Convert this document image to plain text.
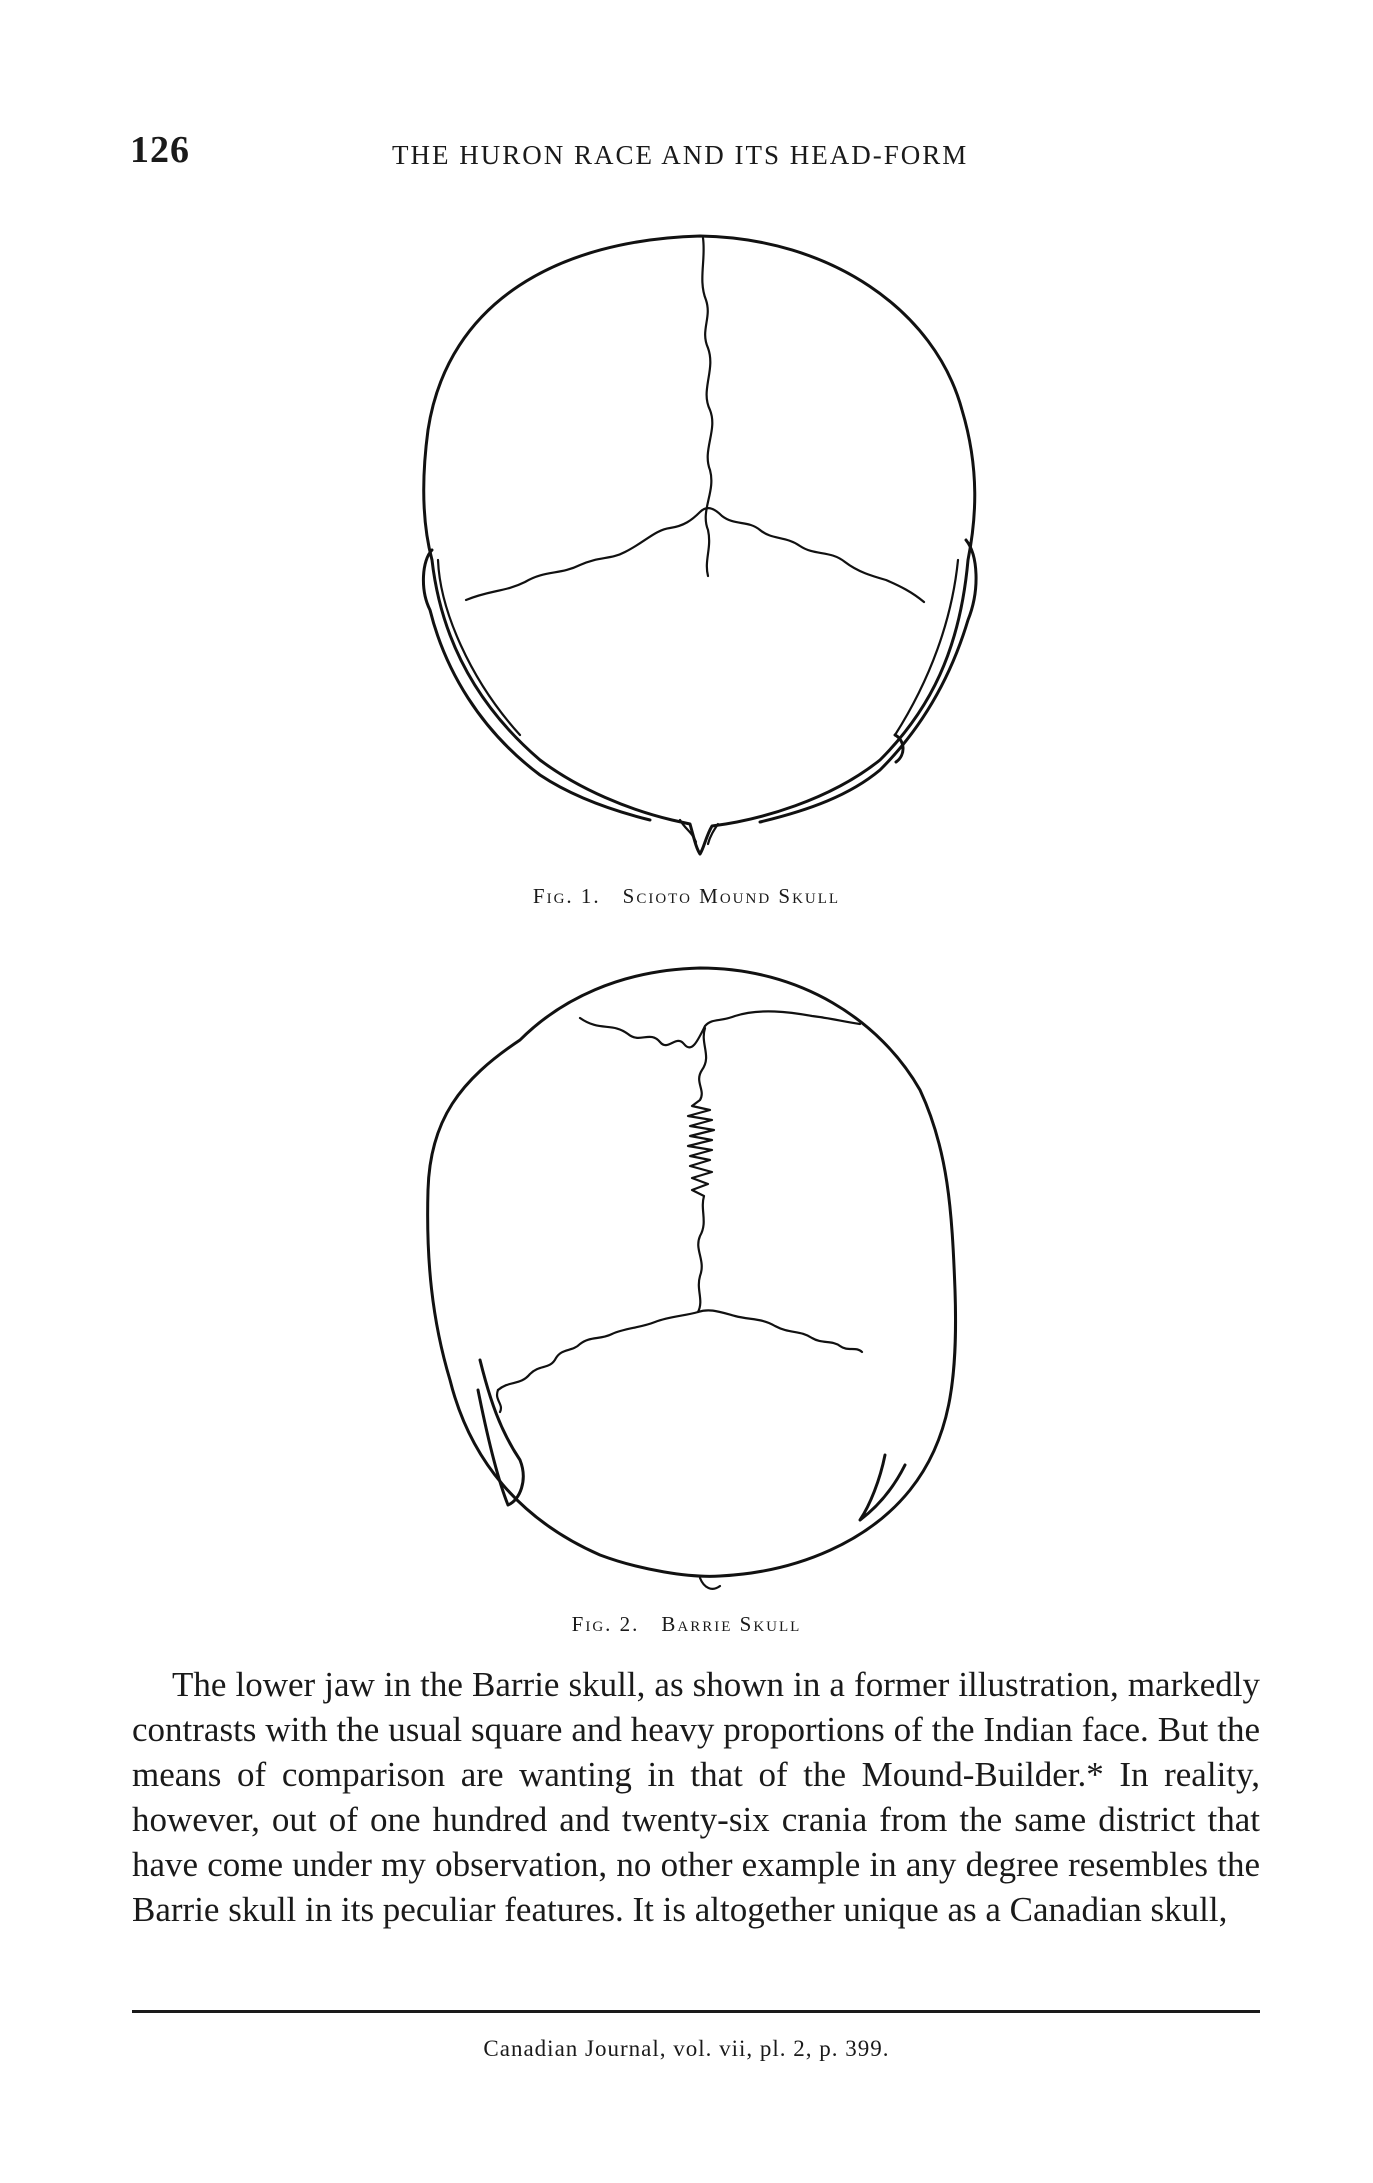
126	THE HURON RACE AND ITS HEAD-FORM
Fig. 1. Scioto Mound Skull
Fig. 2. Barrie Skull

The lower jaw in the Barrie skull, as shown in a former illustration, markedly contrasts with the usual square and heavy proportions of the Indian face. But the means of comparison are wanting in that of the Mound-Builder.* In reality, however, out of one hundred and twenty-six crania from the same district that have come under my observation, no other example in any degree resembles the Barrie skull in its peculiar features. It is altogether unique as a Canadian skull,

Canadian Journal, vol. vii, pl. 2, p. 399.
